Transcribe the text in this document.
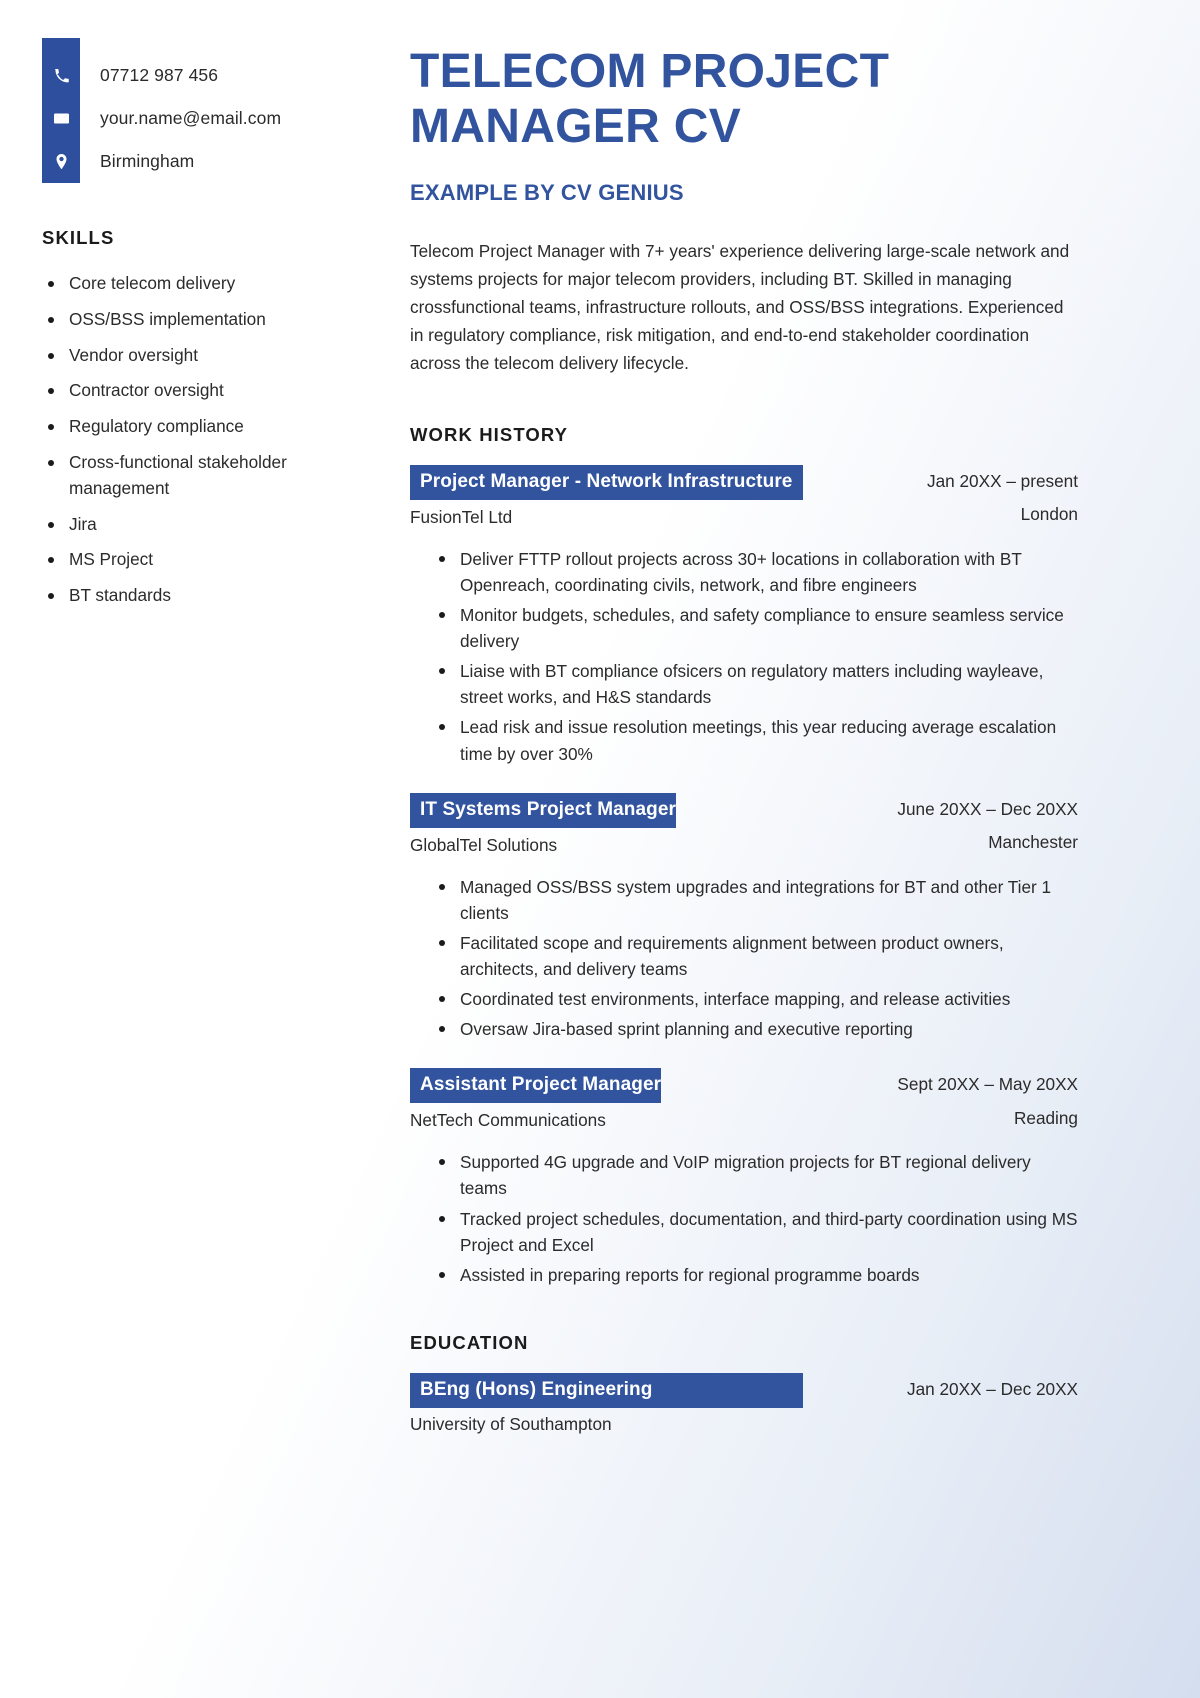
07712 987 456
your.name@email.com
Birmingham
SKILLS
Core telecom delivery
OSS/BSS implementation
Vendor oversight
Contractor oversight
Regulatory compliance
Cross-functional stakeholder management
Jira
MS Project
BT standards
TELECOM PROJECT MANAGER CV
EXAMPLE BY CV GENIUS

Telecom Project Manager with 7+ years' experience delivering large-scale network and systems projects for major telecom providers, including BT. Skilled in managing crossfunctional teams, infrastructure rollouts, and OSS/BSS integrations. Experienced in regulatory compliance, risk mitigation, and end-to-end stakeholder coordination across the telecom delivery lifecycle.

WORK HISTORY
Project Manager - Network Infrastructure
FusionTel Ltd
Jan 20XX – present
London
Deliver FTTP rollout projects across 30+ locations in collaboration with BT Openreach, coordinating civils, network, and fibre engineers
Monitor budgets, schedules, and safety compliance to ensure seamless service delivery
Liaise with BT compliance ofsicers on regulatory matters including wayleave, street works, and H&S standards
Lead risk and issue resolution meetings, this year reducing average escalation time by over 30%
IT Systems Project Manager
GlobalTel Solutions
June 20XX – Dec 20XX
Manchester
Managed OSS/BSS system upgrades and integrations for BT and other Tier 1 clients
Facilitated scope and requirements alignment between product owners, architects, and delivery teams
Coordinated test environments, interface mapping, and release activities
Oversaw Jira-based sprint planning and executive reporting
Assistant Project Manager
NetTech Communications
Sept 20XX – May 20XX
Reading
Supported 4G upgrade and VoIP migration projects for BT regional delivery teams
Tracked project schedules, documentation, and third-party coordination using MS Project and Excel
Assisted in preparing reports for regional programme boards
EDUCATION
BEng (Hons) Engineering
University of Southampton
Jan 20XX – Dec 20XX
